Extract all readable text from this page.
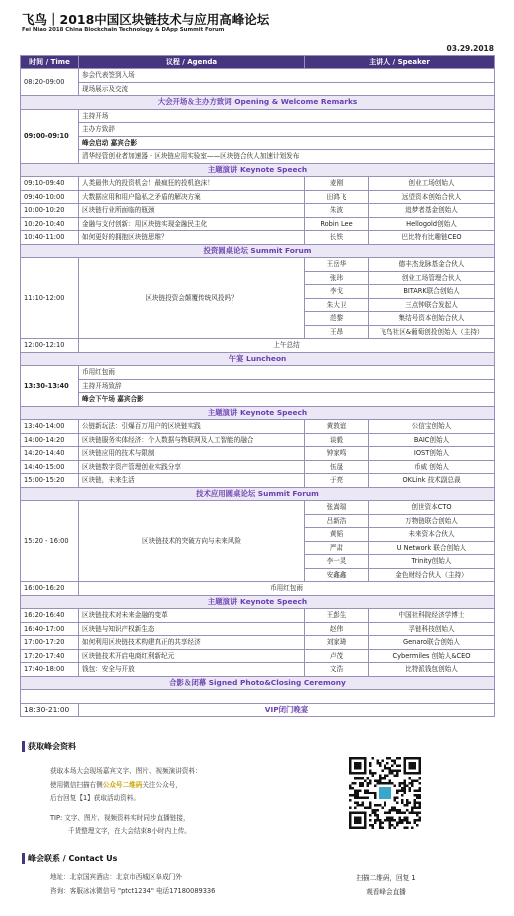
飞鸟｜2018中国区块链技术与应用高峰论坛
Fei Niao 2018 China Blockchain Technology & DApp Summit Forum
03.29.2018
时间 / Time	议程 / Agenda	主讲人 / Speaker	
08:20-09:00	参会代表签到入场		
	现场展示及交流		
大会开场＆主办方致词 Opening & Welcome Remarks			
09:00-09:10	主持开场		
	主办方致辞		
	峰会启动 嘉宾合影		
	清华经管创业者加速器 · 区块链应用实验室——区块链合伙人加速计划发布		
主题演讲 Keynote Speech			
09:10-09:40	人类最伟大的投资机会！最疯狂的投机泡沫！	麦刚	创业工场创始人
09:40-10:00	大数据应用和用户隐私之矛盾的解决方案	田鸿飞	远望资本创始合伙人
10:00-10:20	区块链行业所面临的瓶颈	朱波	追梦者基金创始人
10:20-10:40	金融与支付创新：用区块链实现金融民主化	Robin Lee	Hellogold创始人
10:40-11:00	如何更好的拥抱区块链思维？	长铁	巴比特有比趣链CEO
投资圆桌论坛 Summit Forum			
11:10-12:00	区块链投资会颠覆传统风投吗？	王岳华	德丰杰龙脉基金合伙人
		张玮	创业工场管理合伙人
		李戈	BITARK联合创始人
		朱大卫	三点钟联合发起人
		范黎	集结号资本创始合伙人
		王昂	飞鸟社区&葡萄创投创始人（主持）
12:00-12:10	上午总结		
午宴 Luncheon			
13:30-13:40	币用红包雨		
	主持开场致辞		
	峰会下午场 嘉宾合影		
主题演讲 Keynote Speech			
13:40-14:00	公链新玩法：引爆百万用户的区块链实践	黄敦谊	公信宝创始人
14:00-14:20	区块链服务实体经济：个人数据与物联网及人工智能的融合	谈毅	BAIC创始人
14:20-14:40	区块链应用的技术与限制	钟家鸣	IOST创始人
14:40-15:00	区块链数字资产管理创业实践分享	伍晟	币威 创始人
15:00-15:20	区块链，未来生活	于亮	OKLink 技术副总裁
技术应用圆桌论坛 Summit Forum			
15:20 - 16:00	区块链技术的突破方向与未来风险	张嵩瑞	创世资本CTO
		吕新浩	万物链联合创始人
		黄韬	未来资本合伙人
		严肃	U Network 联合创始人
		李一灵	Trinity创始人
		安鑫鑫	金色财经合伙人（主持）
16:00-16:20	币用红包雨		
主题演讲 Keynote Speech			
16:20-16:40	区块链技术对未来金融的变革	王彭生	中国社科院经济学博士
16:40-17:00	区块链与知识产权新生态	赵伟	孚链科技创始人
17:00-17:20	如何利用区块链技术构建真正的共享经济	刘家琦	Genaro联合创始人
17:20-17:40	区块链技术开启电商红利新纪元	卢茂	Cybermiles 创始人&CEO
17:40-18:00	钱包：安全与开放	文浩	比特派钱包创始人
合影＆闭幕 Signed Photo&Closing Ceremony			

18:30-21:00	VIP闭门晚宴		
获取峰会资料
获取本场大会现场嘉宾文字、图片、视频演讲资料：
使用微信扫描右侧公众号二维码关注公众号，
后台回复【1】获取活动资料。
TIP: 文字、图片、视频资料实时同步直播链接，
千货整理文字，在大会结束8小时内上传。
峰会联系 / Contact Us
地址：北京国宾酒店：北京市西城区阜成门外
咨询：客服冰冰微信号 "ptct1234" 电话17180089336
扫描二维码，回复 1
观看峰会直播
